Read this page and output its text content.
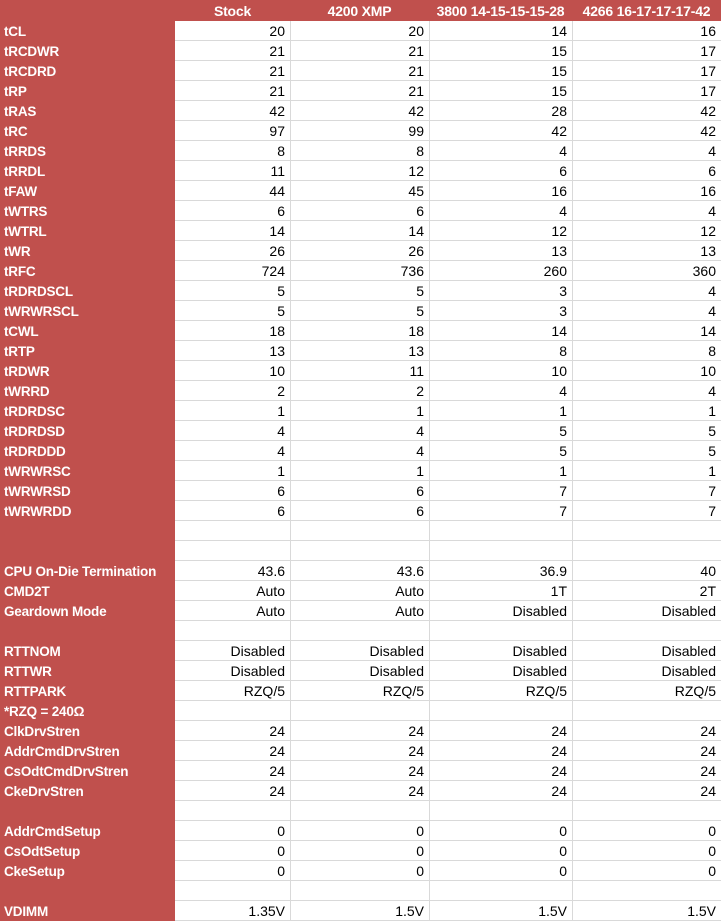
Stock	4200 XMP	3800 14-15-15-15-28	4266 16-17-17-17-42
tCL	20	20	14	16
tRCDWR	21	21	15	17
tRCDRD	21	21	15	17
tRP	21	21	15	17
tRAS	42	42	28	42
tRC	97	99	42	42
tRRDS	8	8	4	4
tRRDL	11	12	6	6
tFAW	44	45	16	16
tWTRS	6	6	4	4
tWTRL	14	14	12	12
tWR	26	26	13	13
tRFC	724	736	260	360
tRDRDSCL	5	5	3	4
tWRWRSCL	5	5	3	4
tCWL	18	18	14	14
tRTP	13	13	8	8
tRDWR	10	11	10	10
tWRRD	2	2	4	4
tRDRDSC	1	1	1	1
tRDRDSD	4	4	5	5
tRDRDDD	4	4	5	5
tWRWRSC	1	1	1	1
tWRWRSD	6	6	7	7
tWRWRDD	6	6	7	7
CPU On-Die Termination	43.6	43.6	36.9	40
CMD2T	Auto	Auto	1T	2T
Geardown Mode	Auto	Auto	Disabled	Disabled
RTTNOM	Disabled	Disabled	Disabled	Disabled
RTTWR	Disabled	Disabled	Disabled	Disabled
RTTPARK	RZQ/5	RZQ/5	RZQ/5	RZQ/5
*RZQ = 240Ω
ClkDrvStren	24	24	24	24
AddrCmdDrvStren	24	24	24	24
CsOdtCmdDrvStren	24	24	24	24
CkeDrvStren	24	24	24	24
AddrCmdSetup	0	0	0	0
CsOdtSetup	0	0	0	0
CkeSetup	0	0	0	0
VDIMM	1.35V	1.5V	1.5V	1.5V
